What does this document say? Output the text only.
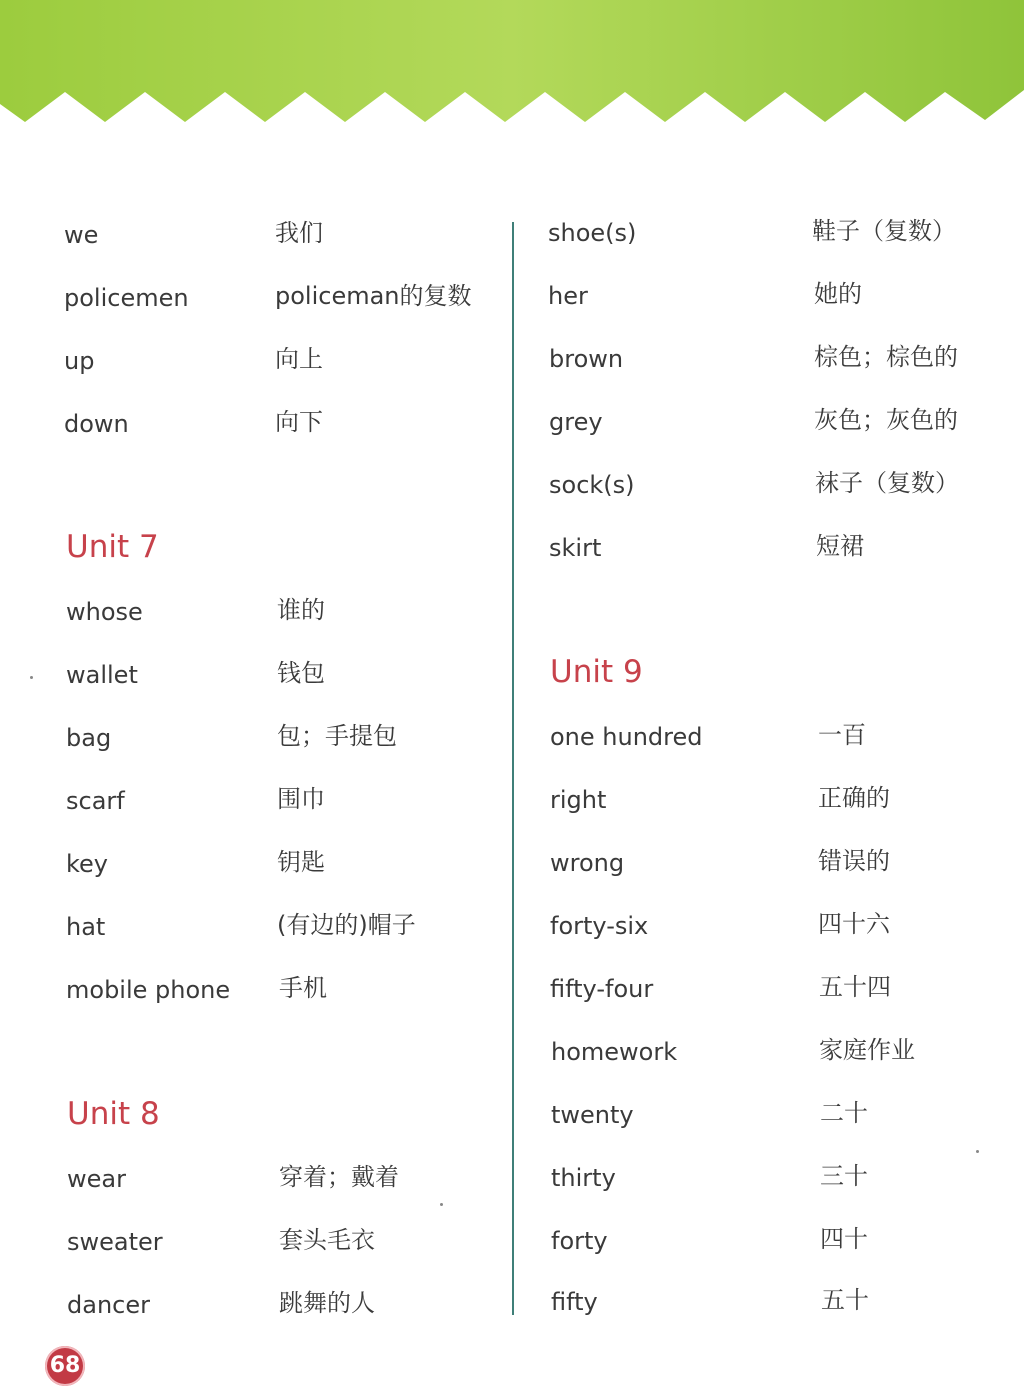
we	我们
policemen	policeman的复数
up	向上
down	向下
Unit 7
whose	谁的
wallet	钱包
bag	包；手提包
scarf	围巾
key	钥匙
hat	(有边的)帽子
mobile phone 手机
Unit 8
wear	穿着；戴着
sweater	套头毛衣
dancer	跳舞的人
shoe(s)	鞋子（复数）
her	她的
brown	棕色；棕色的
grey	灰色；灰色的
sock(s)	袜子（复数）
skirt	短裙
Unit 9
one hundred	一百
right	正确的
wrong	错误的
forty-six	四十六
fifty-four	五十四
homework	家庭作业
twenty	二十
thirty	三十
forty	四十
fifty	五十
68
